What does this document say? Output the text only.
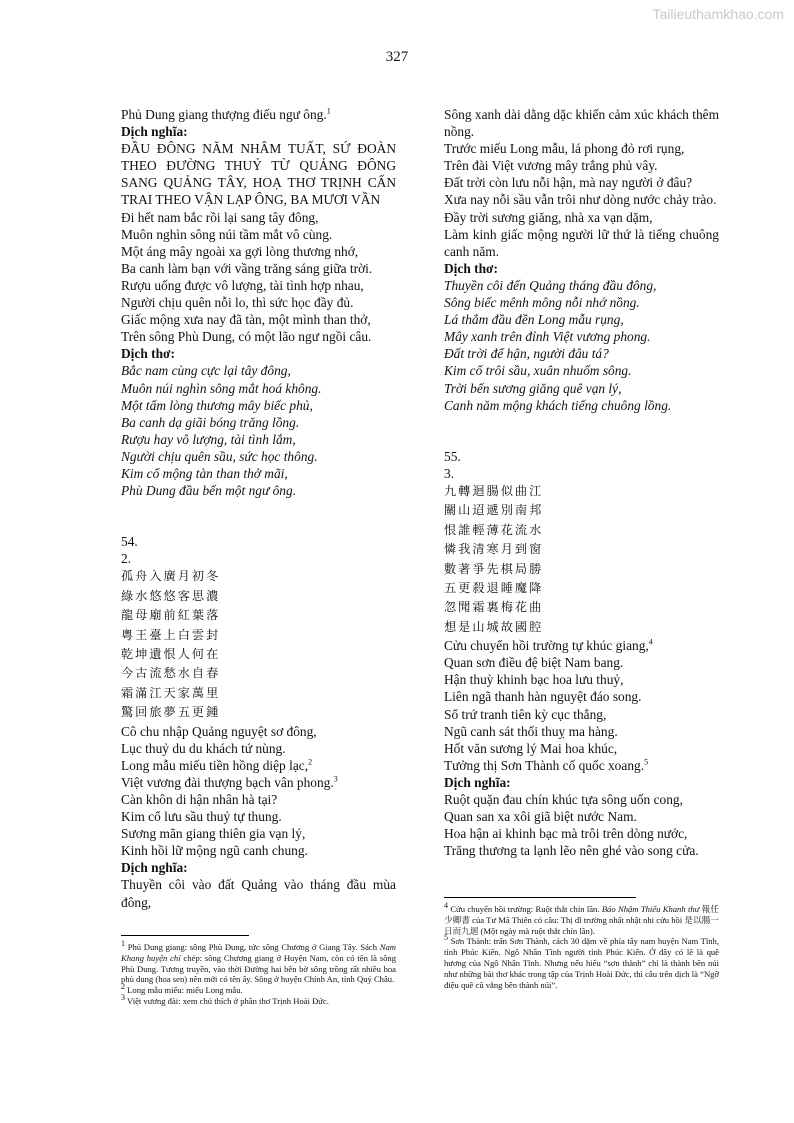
Tailieuthamkhao.com
327
Phủ Dung giang thượng điếu ngư ông.$^1$
Dịch nghĩa:
ĐẦU ĐÔNG NĂM NHÂM TUẤT, SỨ ĐOÀN THEO ĐƯỜNG THUỶ TỪ QUẢNG ĐÔNG SANG QUẢNG TÂY, HOẠ THƠ TRỊNH CẤN TRAI THEO VẬN LẠP ÔNG, BA MƯƠI VẦN
Đi hết nam bắc rồi lại sang tây đông,
Muôn nghìn sông núi tầm mắt vô cùng.
Một áng mây ngoài xa gợi lòng thương nhớ,
Ba canh làm bạn với vầng trăng sáng giữa trời.
Rượu uống được vô lượng, tài tình hợp nhau,
Người chịu quên nỗi lo, thì sức học đầy đủ.
Giấc mộng xưa nay đã tàn, một mình than thở,
Trên sông Phù Dung, có một lão ngư ngồi câu.
Dịch thơ:
Bắc nam cùng cực lại tây đông,
Muôn núi nghìn sông mắt hoá không.
Một tấm lòng thương mây biếc phủ,
Ba canh dạ giãi bóng trăng lồng.
Rượu hay vô lượng, tài tình lắm,
Người chịu quên sầu, sức học thông.
Kim cổ mộng tàn than thở mãi,
Phù Dung đầu bến một ngư ông.
54.
2.
孤舟入廣月初冬
綠水悠悠客思濃
龍母廟前紅葉落
粵王臺上白雲封
乾坤遺恨人何在
今古流愁水自春
霜滿江天家萬里
驚回旅夢五更鍾
Cô chu nhập Quảng nguyệt sơ đông,
Lục thuỷ du du khách tứ nùng.
Long mẫu miếu tiền hồng diệp lạc,$^2$
Việt vương đài thượng bạch vân phong.$^3$
Càn khôn di hận nhân hà tại?
Kim cổ lưu sầu thuỷ tự thung.
Sương mãn giang thiên gia vạn lý,
Kinh hồi lữ mộng ngũ canh chung.
Dịch nghĩa:
Thuyền côi vào đất Quảng vào tháng đầu mùa đông,
Sông xanh dài dằng dặc khiến cảm xúc khách thêm nồng.
Trước miếu Long mẫu, lá phong đỏ rơi rụng,
Trên đài Việt vương mây trắng phủ vây.
Đất trời còn lưu nỗi hận, mà nay người ở đâu?
Xưa nay nỗi sầu vẫn trôi như dòng nước chảy trào.
Đầy trời sương giăng, nhà xa vạn dặm,
Làm kinh giấc mộng người lữ thứ là tiếng chuông canh năm.
Dịch thơ:
Thuyền côi đến Quảng tháng đầu đông,
Sông biếc mênh mông nỗi nhớ nồng.
Lá thắm đầu đền Long mẫu rụng,
Mây xanh trên đỉnh Việt vương phong.
Đất trời để hận, người đâu tá?
Kim cổ trôi sầu, xuân nhuốm sông.
Trời bến sương giăng quê vạn lý,
Canh năm mộng khách tiếng chuông lồng.
55.
3.
九轉迴腸似曲江
關山迢遞別南邦
恨誰輕薄花流水
憐我清寒月到窗
數著爭先棋局勝
五更殺退睡魔降
忽聞霜裏梅花曲
想是山城故國腔
Cửu chuyển hồi trường tự khúc giang,$^4$
Quan sơn điều đệ biệt Nam bang.
Hận thuỳ khinh bạc hoa lưu thuỷ,
Liên ngã thanh hàn nguyệt đáo song.
Sổ trứ tranh tiên kỳ cục thắng,
Ngũ canh sát thối thuỵ ma hàng.
Hốt văn sương lý Mai hoa khúc,
Tưởng thị Sơn Thành cố quốc xoang.$^5$
Dịch nghĩa:
Ruột quặn đau chín khúc tựa sông uốn cong,
Quan san xa xôi giã biệt nước Nam.
Hoa hận ai khinh bạc mà trôi trên dòng nước,
Trăng thương ta lạnh lẽo nên ghé vào song cửa.

$^1$ Phủ Dung giang: sông Phù Dung, tức sông Chương ở Giang Tây. Sách Nam Khang huyện chí chép: sông Chương giang ở Huyện Nam, còn có tên là sông Phù Dung. Tương truyền, vào thời Đường hai bên bờ sông trồng rất nhiều hoa phù dung (hoa sen) nên mới có tên ấy. Sông ở huyện Chính An, tỉnh Quý Châu.

$^2$ Long mẫu miếu: miếu Long mẫu.

$^3$ Việt vương đài: xem chú thích ở phần thơ Trịnh Hoài Đức.

$^4$ Cửu chuyển hồi trường: Ruột thắt chín lần. Báo Nhậm Thiếu Khanh thư 報任少卿書 của Tư Mã Thiên có câu: Thị dĩ trường nhất nhật nhi cửu hồi 是以腸一日而九迴 (Một ngày mà ruột thắt chín lần).

$^5$ Sơn Thành: trấn Sơn Thành, cách 30 dặm về phía tây nam huyện Nam Tĩnh, tỉnh Phúc Kiến. Ngô Nhân Tĩnh người tỉnh Phúc Kiến. Ở đây có lẽ là quê hương của Ngô Nhân Tĩnh. Nhưng nếu hiểu “sơn thành” chỉ là thành bên núi như những bài thơ khác trong tập của Trịnh Hoài Đức, thì câu trên dịch là “Ngỡ điệu quê cũ vẳng bên thành núi”.
